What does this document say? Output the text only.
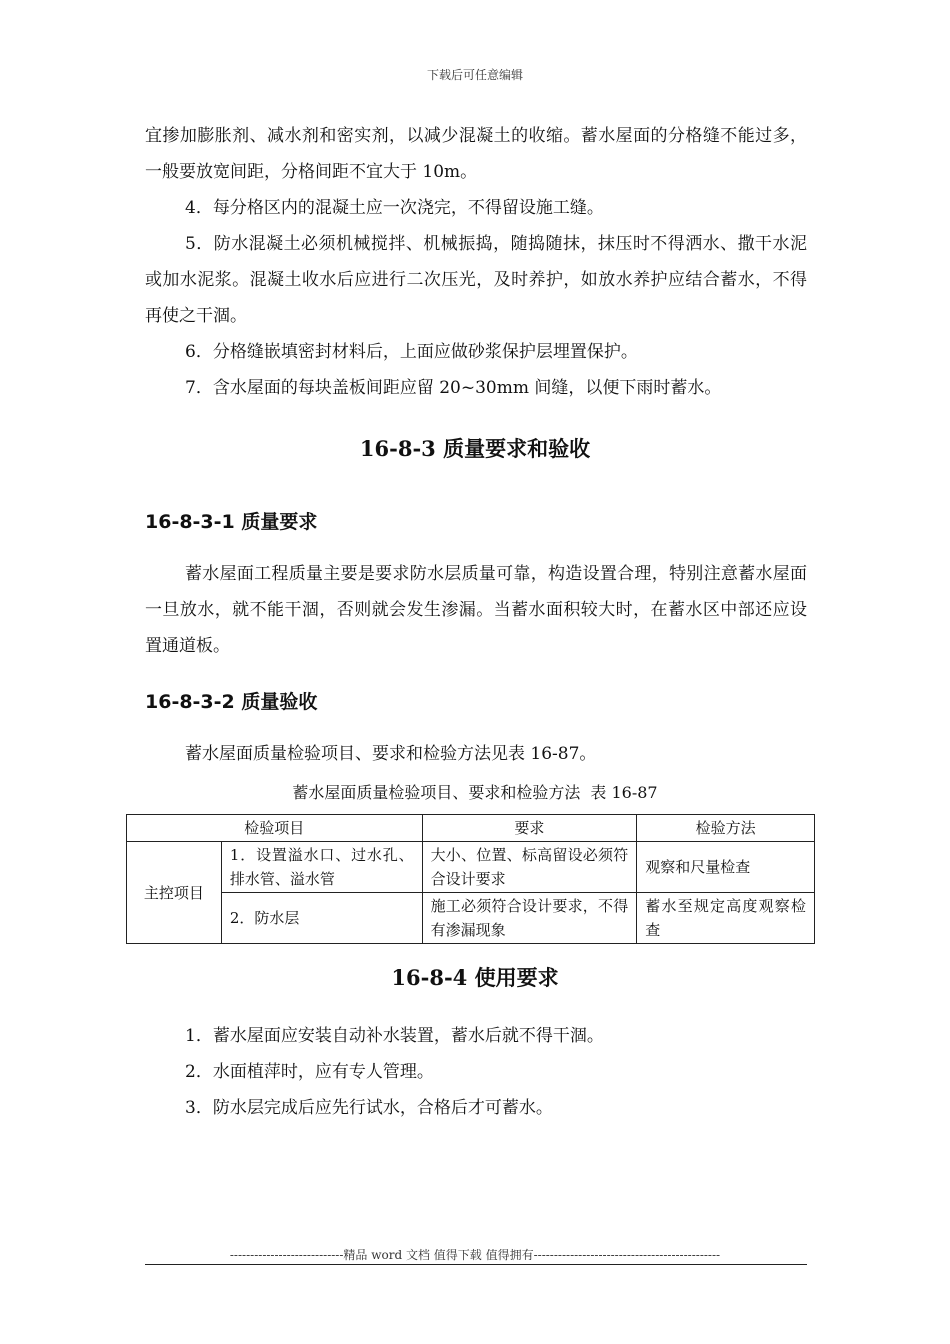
下载后可任意编辑

宜掺加膨胀剂、减水剂和密实剂，以减少混凝土的收缩。蓄水屋面的分格缝不能过多，一般要放宽间距，分格间距不宜大于 10m。

4．每分格区内的混凝土应一次浇完，不得留设施工缝。

5．防水混凝土必须机械搅拌、机械振捣，随捣随抹，抹压时不得洒水、撒干水泥或加水泥浆。混凝土收水后应进行二次压光，及时养护，如放水养护应结合蓄水，不得再使之干涸。

6．分格缝嵌填密封材料后，上面应做砂浆保护层埋置保护。

7．含水屋面的每块盖板间距应留 20~30mm 间缝，以便下雨时蓄水。

16-8-3 质量要求和验收
16-8-3-1 质量要求

蓄水屋面工程质量主要是要求防水层质量可靠，构造设置合理，特别注意蓄水屋面一旦放水，就不能干涸，否则就会发生渗漏。当蓄水面积较大时，在蓄水区中部还应设置通道板。

16-8-3-2 质量验收

蓄水屋面质量检验项目、要求和检验方法见表 16-87。

蓄水屋面质量检验项目、要求和检验方法 表 16-87
检验项目		要求	检验方法
主控项目	1．设置溢水口、过水孔、排水管、溢水管	大小、位置、标高留设必须符合设计要求	观察和尺量检查
	2．防水层	施工必须符合设计要求，不得有渗漏现象	蓄水至规定高度观察检查
16-8-4 使用要求

1．蓄水屋面应安装自动补水装置，蓄水后就不得干涸。

2．水面植萍时，应有专人管理。

3．防水层完成后应先行试水，合格后才可蓄水。

----------------------------精品 word 文档 值得下载 值得拥有----------------------------------------------
